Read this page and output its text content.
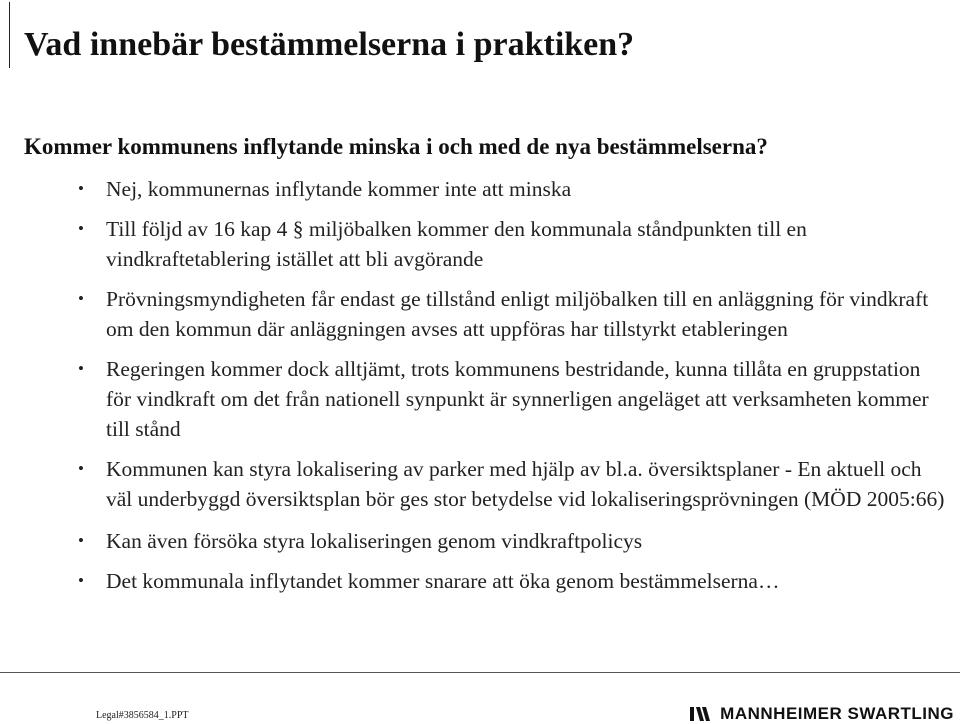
Vad innebär bestämmelserna i praktiken?
Kommer kommunens inflytande minska i och med de nya bestämmelserna?
• Nej, kommunernas inflytande kommer inte att minska
• Till följd av 16 kap 4 § miljöbalken kommer den kommunala ståndpunkten till en vindkraftetablering istället att bli avgörande
• Prövningsmyndigheten får endast ge tillstånd enligt miljöbalken till en anläggning för vindkraft om den kommun där anläggningen avses att uppföras har tillstyrkt etableringen
• Regeringen kommer dock alltjämt, trots kommunens bestridande, kunna tillåta en gruppstation för vindkraft om det från nationell synpunkt är synnerligen angeläget att verksamheten kommer till stånd
• Kommunen kan styra lokalisering av parker med hjälp av bl.a. översiktsplaner - En aktuell och väl underbyggd översiktsplan bör ges stor betydelse vid lokaliseringsprövningen (MÖD 2005:66)
• Kan även försöka styra lokaliseringen genom vindkraftpolicys
• Det kommunala inflytandet kommer snarare att öka genom bestämmelserna…
Legal#3856584_1.PPT	MANNHEIMER SWARTLING
